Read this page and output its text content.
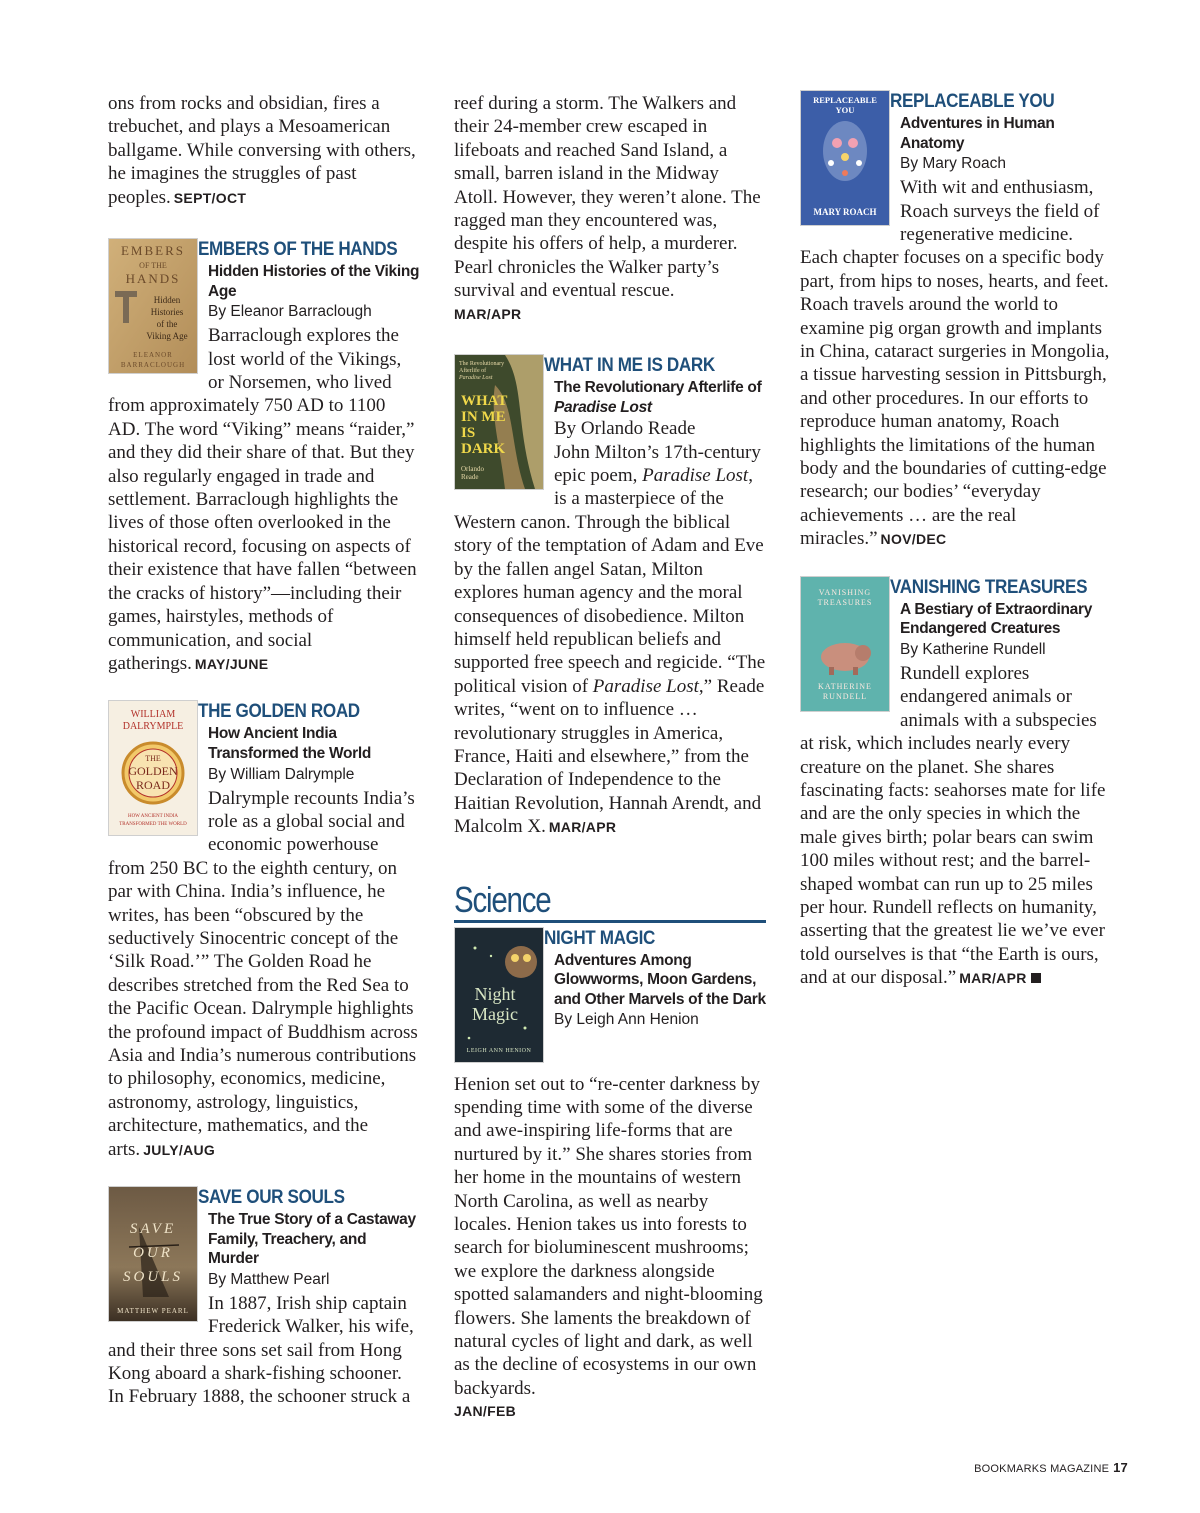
ons from rocks and obsidian, fires a trebuchet, and plays a Mesoamerican ballgame. While conversing with others, he imagines the struggles of past peoples. SEPT/OCT

EMBERS
OF THE
HANDS
Hidden
Histories
of the
Viking Age
ELEANOR
BARRACLOUGH
EMBERS OF THE HANDS
Hidden Histories of the Viking Age
By Eleanor Barraclough

Barraclough explores the lost world of the Vikings, or Norsemen, who lived from approximately 750 AD to 1100 AD. The word “Viking” means “raider,” and they did their share of that. But they also regularly engaged in trade and settlement. Barraclough highlights the lives of those often overlooked in the historical record, focusing on aspects of their existence that have fallen “between the cracks of history”—including their games, hairstyles, methods of communication, and social gatherings. MAY/JUNE

WILLIAM
DALRYMPLE
THE
GOLDEN
ROAD
HOW ANCIENT INDIA
TRANSFORMED THE WORLD
THE GOLDEN ROAD
How Ancient India Transformed the World
By William Dalrymple

Dalrymple recounts India’s role as a global social and economic powerhouse from 250 BC to the eighth century, on par with China. India’s influence, he writes, has been “obscured by the seductively Sinocentric concept of the ‘Silk Road.’” The Golden Road he describes stretched from the Red Sea to the Pacific Ocean. Dalrymple highlights the profound impact of Buddhism across Asia and India’s numerous contributions to philosophy, economics, medicine, astronomy, astrology, linguistics, architecture, mathematics, and the arts. JULY/AUG

SAVE
OUR
SOULS
MATTHEW PEARL
SAVE OUR SOULS
The True Story of a Castaway Family, Treachery, and Murder
By Matthew Pearl

In 1887, Irish ship captain Frederick Walker, his wife, and their three sons set sail from Hong Kong aboard a shark-fishing schooner. In February 1888, the schooner struck a

reef during a storm. The Walkers and their 24-member crew escaped in lifeboats and reached Sand Island, a small, barren island in the Midway Atoll. However, they weren’t alone. The ragged man they encountered was, despite his offers of help, a murderer. Pearl chronicles the Walker party’s survival and eventual rescue.
MAR/APR

The Revolutionary
Afterlife of
Paradise Lost
WHAT
IN ME
IS
DARK
Orlando
Reade
WHAT IN ME IS DARK
The Revolutionary Afterlife of Paradise Lost

By Orlando Reade
John Milton’s 17th-century epic poem, Paradise Lost, is a masterpiece of the Western canon. Through the biblical story of the temptation of Adam and Eve by the fallen angel Satan, Milton explores human agency and the moral consequences of disobedience. Milton himself held republican beliefs and supported free speech and regicide. “The political vision of Paradise Lost,” Reade writes, “went on to influence … revolutionary struggles in America, France, Haiti and elsewhere,” from the Declaration of Independence to the Haitian Revolution, Hannah Arendt, and Malcolm X. MAR/APR

Science
Night
Magic
LEIGH ANN HENION
NIGHT MAGIC
Adventures Among Glowworms, Moon Gardens, and Other Marvels of the Dark
By Leigh Ann Henion

Henion set out to “re-center darkness by spending time with some of the diverse and awe-inspiring life-forms that are nurtured by it.” She shares stories from her home in the mountains of western North Carolina, as well as nearby locales. Henion takes us into forests to search for bioluminescent mushrooms; we explore the darkness alongside spotted salamanders and night-blooming flowers. She laments the breakdown of natural cycles of light and dark, as well as the decline of ecosystems in our own backyards.
JAN/FEB

REPLACEABLE
YOU
MARY ROACH
REPLACEABLE YOU
Adventures in Human Anatomy
By Mary Roach

With wit and enthusiasm, Roach surveys the field of regenerative medicine. Each chapter focuses on a specific body part, from hips to noses, hearts, and feet. Roach travels around the world to examine pig organ growth and implants in China, cataract surgeries in Mongolia, a tissue harvesting session in Pittsburgh, and other procedures. In our efforts to reproduce human anatomy, Roach highlights the limitations of the human body and the boundaries of cutting-edge research; our bodies’ “everyday achievements … are the real miracles.” NOV/DEC

VANISHING
TREASURES
KATHERINE
RUNDELL
VANISHING TREASURES
A Bestiary of Extraordinary Endangered Creatures
By Katherine Rundell

Rundell explores endangered animals or animals with a subspecies at risk, which includes nearly every creature on the planet. She shares fascinating facts: seahorses mate for life and are the only species in which the male gives birth; polar bears can swim 100 miles without rest; and the barrel-shaped wombat can run up to 25 miles per hour. Rundell reflects on humanity, asserting that the greatest lie we’ve ever told ourselves is that “the Earth is ours, and at our disposal.” MAR/APR

BOOKMARKS MAGAZINE 17
